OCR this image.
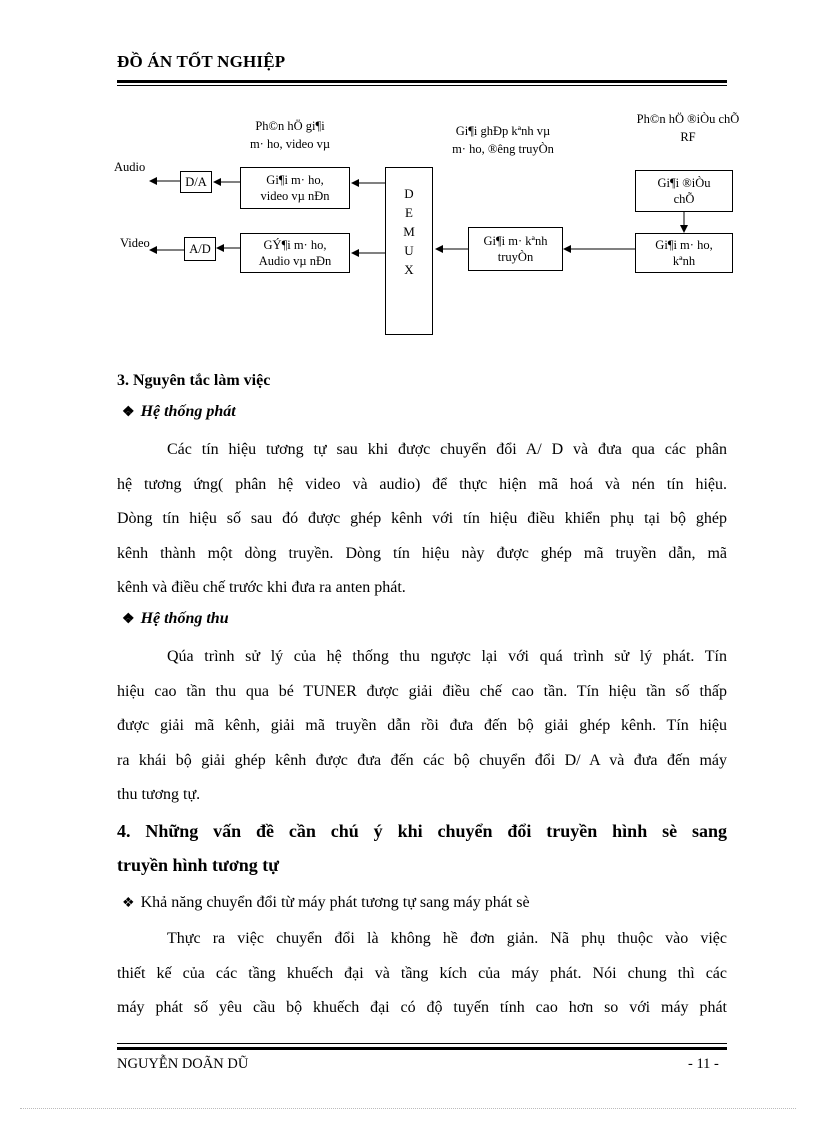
ĐỒ ÁN TỐT NGHIỆP
Ph©n hÖ gi¶i
m· ho, video vµ
Gi¶i ghÐp kªnh vµ
m· ho, ®êng truyÒn
Ph©n hÖ ®iÒu chÕ
RF
Audio
Video
D/A
A/D
Gi¶i m· ho,
video vµ nÐn
GÝ¶i m· ho,
Audio vµ nÐn
D
E
M
U
X
Gi¶i m· kªnh
truyÒn
Gi¶i ®iÒu
chÕ
Gi¶i m· ho,
kªnh
3. Nguyên tắc làm việc
❖ Hệ thống phát
Các tín hiệu tương tự sau khi được chuyển đổi A/ D và đưa qua các phân
hệ tương ứng( phân hệ video và audio) để thực hiện mã hoá và nén tín hiệu.
Dòng tín hiệu số sau đó được ghép kênh với tín hiệu điều khiển phụ tại bộ ghép
kênh thành một dòng truyền. Dòng tín hiệu này được ghép mã truyền dẫn, mã
kênh và điều chế trước khi đưa ra anten phát.
❖ Hệ thống thu
Qúa trình sử lý của hệ thống thu ngược lại với quá trình sử lý phát. Tín
hiệu cao tần thu qua bé TUNER được giải điều chế cao tần. Tín hiệu tần số thấp
được giải mã kênh, giải mã truyền dẫn rồi đưa đến bộ giải ghép kênh. Tín hiệu
ra khái bộ giải ghép kênh được đưa đến các bộ chuyển đổi D/ A và đưa đến máy
thu tương tự.
4. Những vấn đề cần chú ý khi chuyển đổi truyền hình sè sang
truyền hình tương tự
❖ Khả năng chuyển đổi từ máy phát tương tự sang máy phát sè
Thực ra việc chuyển đổi là không hề đơn giản. Nã phụ thuộc vào việc
thiết kế của các tầng khuếch đại và tầng kích của máy phát. Nói chung thì các
máy phát số yêu cầu bộ khuếch đại có độ tuyến tính cao hơn so với máy phát
NGUYỄN DOÃN DŨ	- 11 -
